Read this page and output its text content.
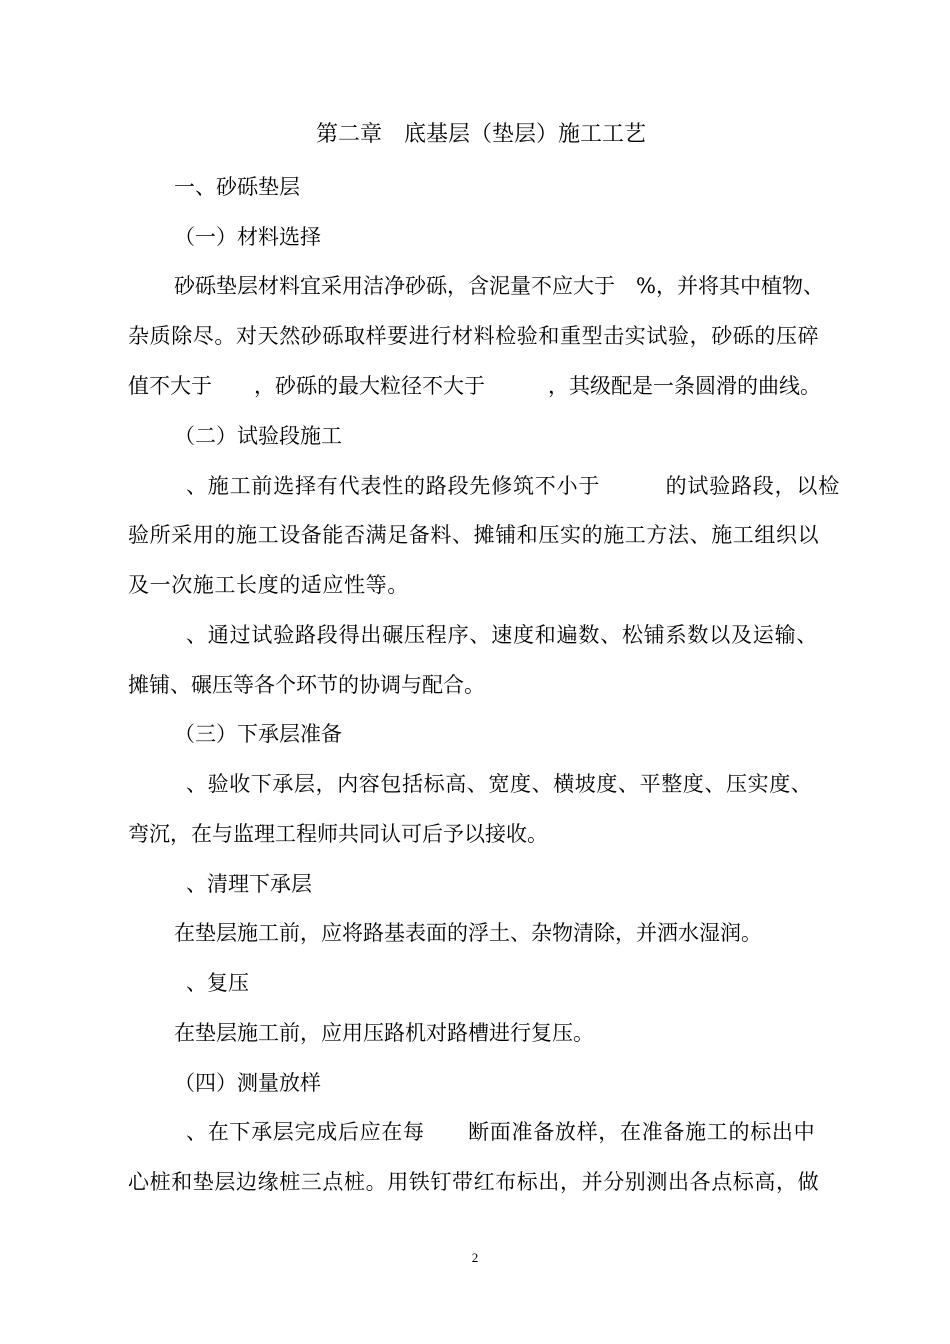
第二章　底基层（垫层）施工工艺
一、砂砾垫层
（一）材料选择
砂砾垫层材料宜采用洁净砂砾，含泥量不应大于　%，并将其中植物、
杂质除尽。对天然砂砾取样要进行材料检验和重型击实试验，砂砾的压碎
值不大于　　，砂砾的最大粒径不大于　　　，其级配是一条圆滑的曲线。
（二）试验段施工
、施工前选择有代表性的路段先修筑不小于　　　的试验路段，以检
验所采用的施工设备能否满足备料、摊铺和压实的施工方法、施工组织以
及一次施工长度的适应性等。
、通过试验路段得出碾压程序、速度和遍数、松铺系数以及运输、
摊铺、碾压等各个环节的协调与配合。
（三）下承层准备
、验收下承层，内容包括标高、宽度、横坡度、平整度、压实度、
弯沉，在与监理工程师共同认可后予以接收。
、清理下承层
在垫层施工前，应将路基表面的浮土、杂物清除，并洒水湿润。
、复压
在垫层施工前，应用压路机对路槽进行复压。
（四）测量放样
、在下承层完成后应在每　　断面准备放样，在准备施工的标出中
心桩和垫层边缘桩三点桩。用铁钉带红布标出，并分别测出各点标高，做
2
